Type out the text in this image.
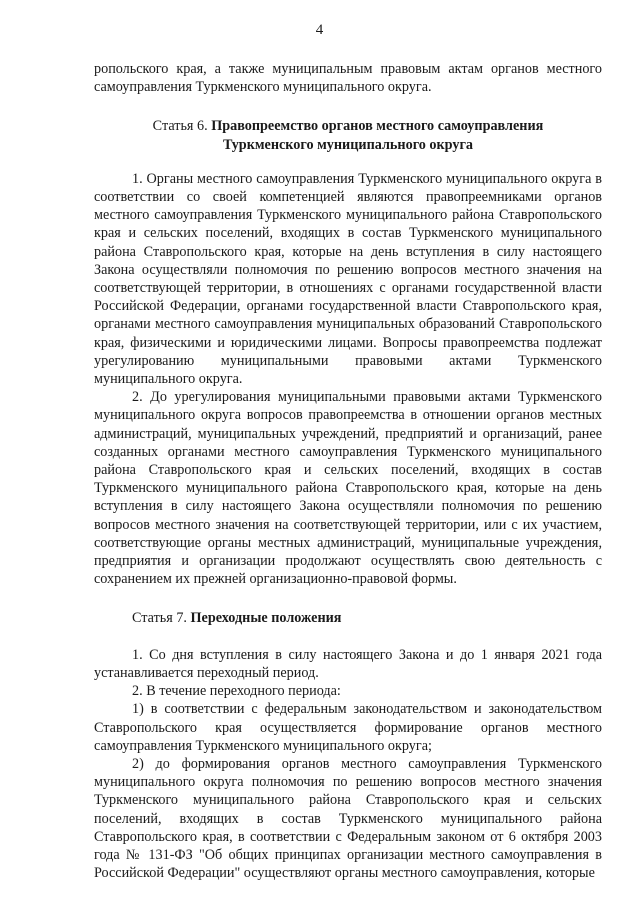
4

ропольского края, а также муниципальным правовым актам органов местного самоуправления Туркменского муниципального округа.

Статья 6. Правопреемство органов местного самоуправления
Туркменского муниципального округа

1. Органы местного самоуправления Туркменского муниципального округа в соответствии со своей компетенцией являются правопреемниками органов местного самоуправления Туркменского муниципального района Ставропольского края и сельских поселений, входящих в состав Туркменского муниципального района Ставропольского края, которые на день вступления в силу настоящего Закона осуществляли полномочия по решению вопросов местного значения на соответствующей территории, в отношениях с органами государственной власти Российской Федерации, органами государственной власти Ставропольского края, органами местного самоуправления муниципальных образований Ставропольского края, физическими и юридическими лицами. Вопросы правопреемства подлежат урегулированию муниципальными правовыми актами Туркменского муниципального округа.

2. До урегулирования муниципальными правовыми актами Туркменского муниципального округа вопросов правопреемства в отношении органов местных администраций, муниципальных учреждений, предприятий и организаций, ранее созданных органами местного самоуправления Туркменского муниципального района Ставропольского края и сельских поселений, входящих в состав Туркменского муниципального района Ставропольского края, которые на день вступления в силу настоящего Закона осуществляли полномочия по решению вопросов местного значения на соответствующей территории, или с их участием, соответствующие органы местных администраций, муниципальные учреждения, предприятия и организации продолжают осуществлять свою деятельность с сохранением их прежней организационно-правовой формы.

Статья 7. Переходные положения

1. Со дня вступления в силу настоящего Закона и до 1 января 2021 года устанавливается переходный период.

2. В течение переходного периода:

1) в соответствии с федеральным законодательством и законодательством Ставропольского края осуществляется формирование органов местного самоуправления Туркменского муниципального округа;

2) до формирования органов местного самоуправления Туркменского муниципального округа полномочия по решению вопросов местного значения Туркменского муниципального района Ставропольского края и сельских поселений, входящих в состав Туркменского муниципального района Ставропольского края, в соответствии с Федеральным законом от 6 октября 2003 года № 131-ФЗ "Об общих принципах организации местного самоуправления в Российской Федерации" осуществляют органы местного самоуправления, которые
